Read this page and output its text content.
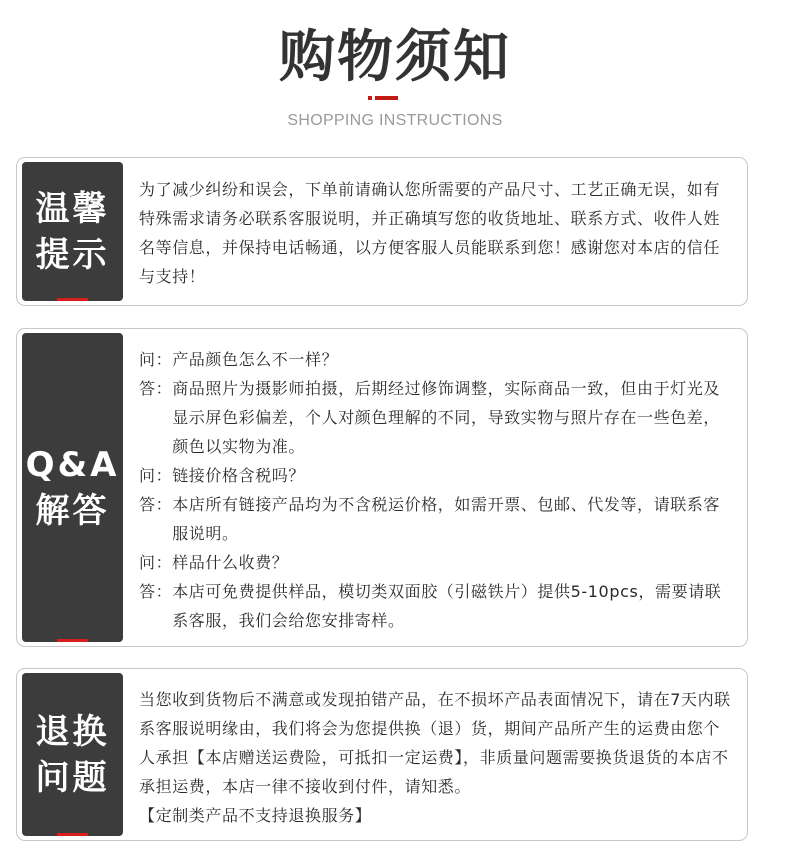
购物须知
SHOPPING INSTRUCTIONS
温馨
提示
为了减少纠纷和误会，下单前请确认您所需要的产品尺寸、工艺正确无误，如有特殊需求请务必联系客服说明，并正确填写您的收货地址、联系方式、收件人姓名等信息，并保持电话畅通，以方便客服人员能联系到您！感谢您对本店的信任与支持！
Q&A
解答
问： 产品颜色怎么不一样？
答： 商品照片为摄影师拍摄，后期经过修饰调整，实际商品一致，但由于灯光及显示屏色彩偏差，个人对颜色理解的不同，导致实物与照片存在一些色差，颜色以实物为准。
问： 链接价格含税吗？
答： 本店所有链接产品均为不含税运价格，如需开票、包邮、代发等，请联系客服说明。
问： 样品什么收费？
答： 本店可免费提供样品，模切类双面胶（引磁铁片）提供5-10pcs，需要请联系客服，我们会给您安排寄样。
退换
问题
当您收到货物后不满意或发现拍错产品，在不损坏产品表面情况下，请在7天内联系客服说明缘由，我们将会为您提供换（退）货，期间产品所产生的运费由您个人承担【本店赠送运费险，可抵扣一定运费】，非质量问题需要换货退货的本店不承担运费，本店一律不接收到付件，请知悉。
【定制类产品不支持退换服务】
